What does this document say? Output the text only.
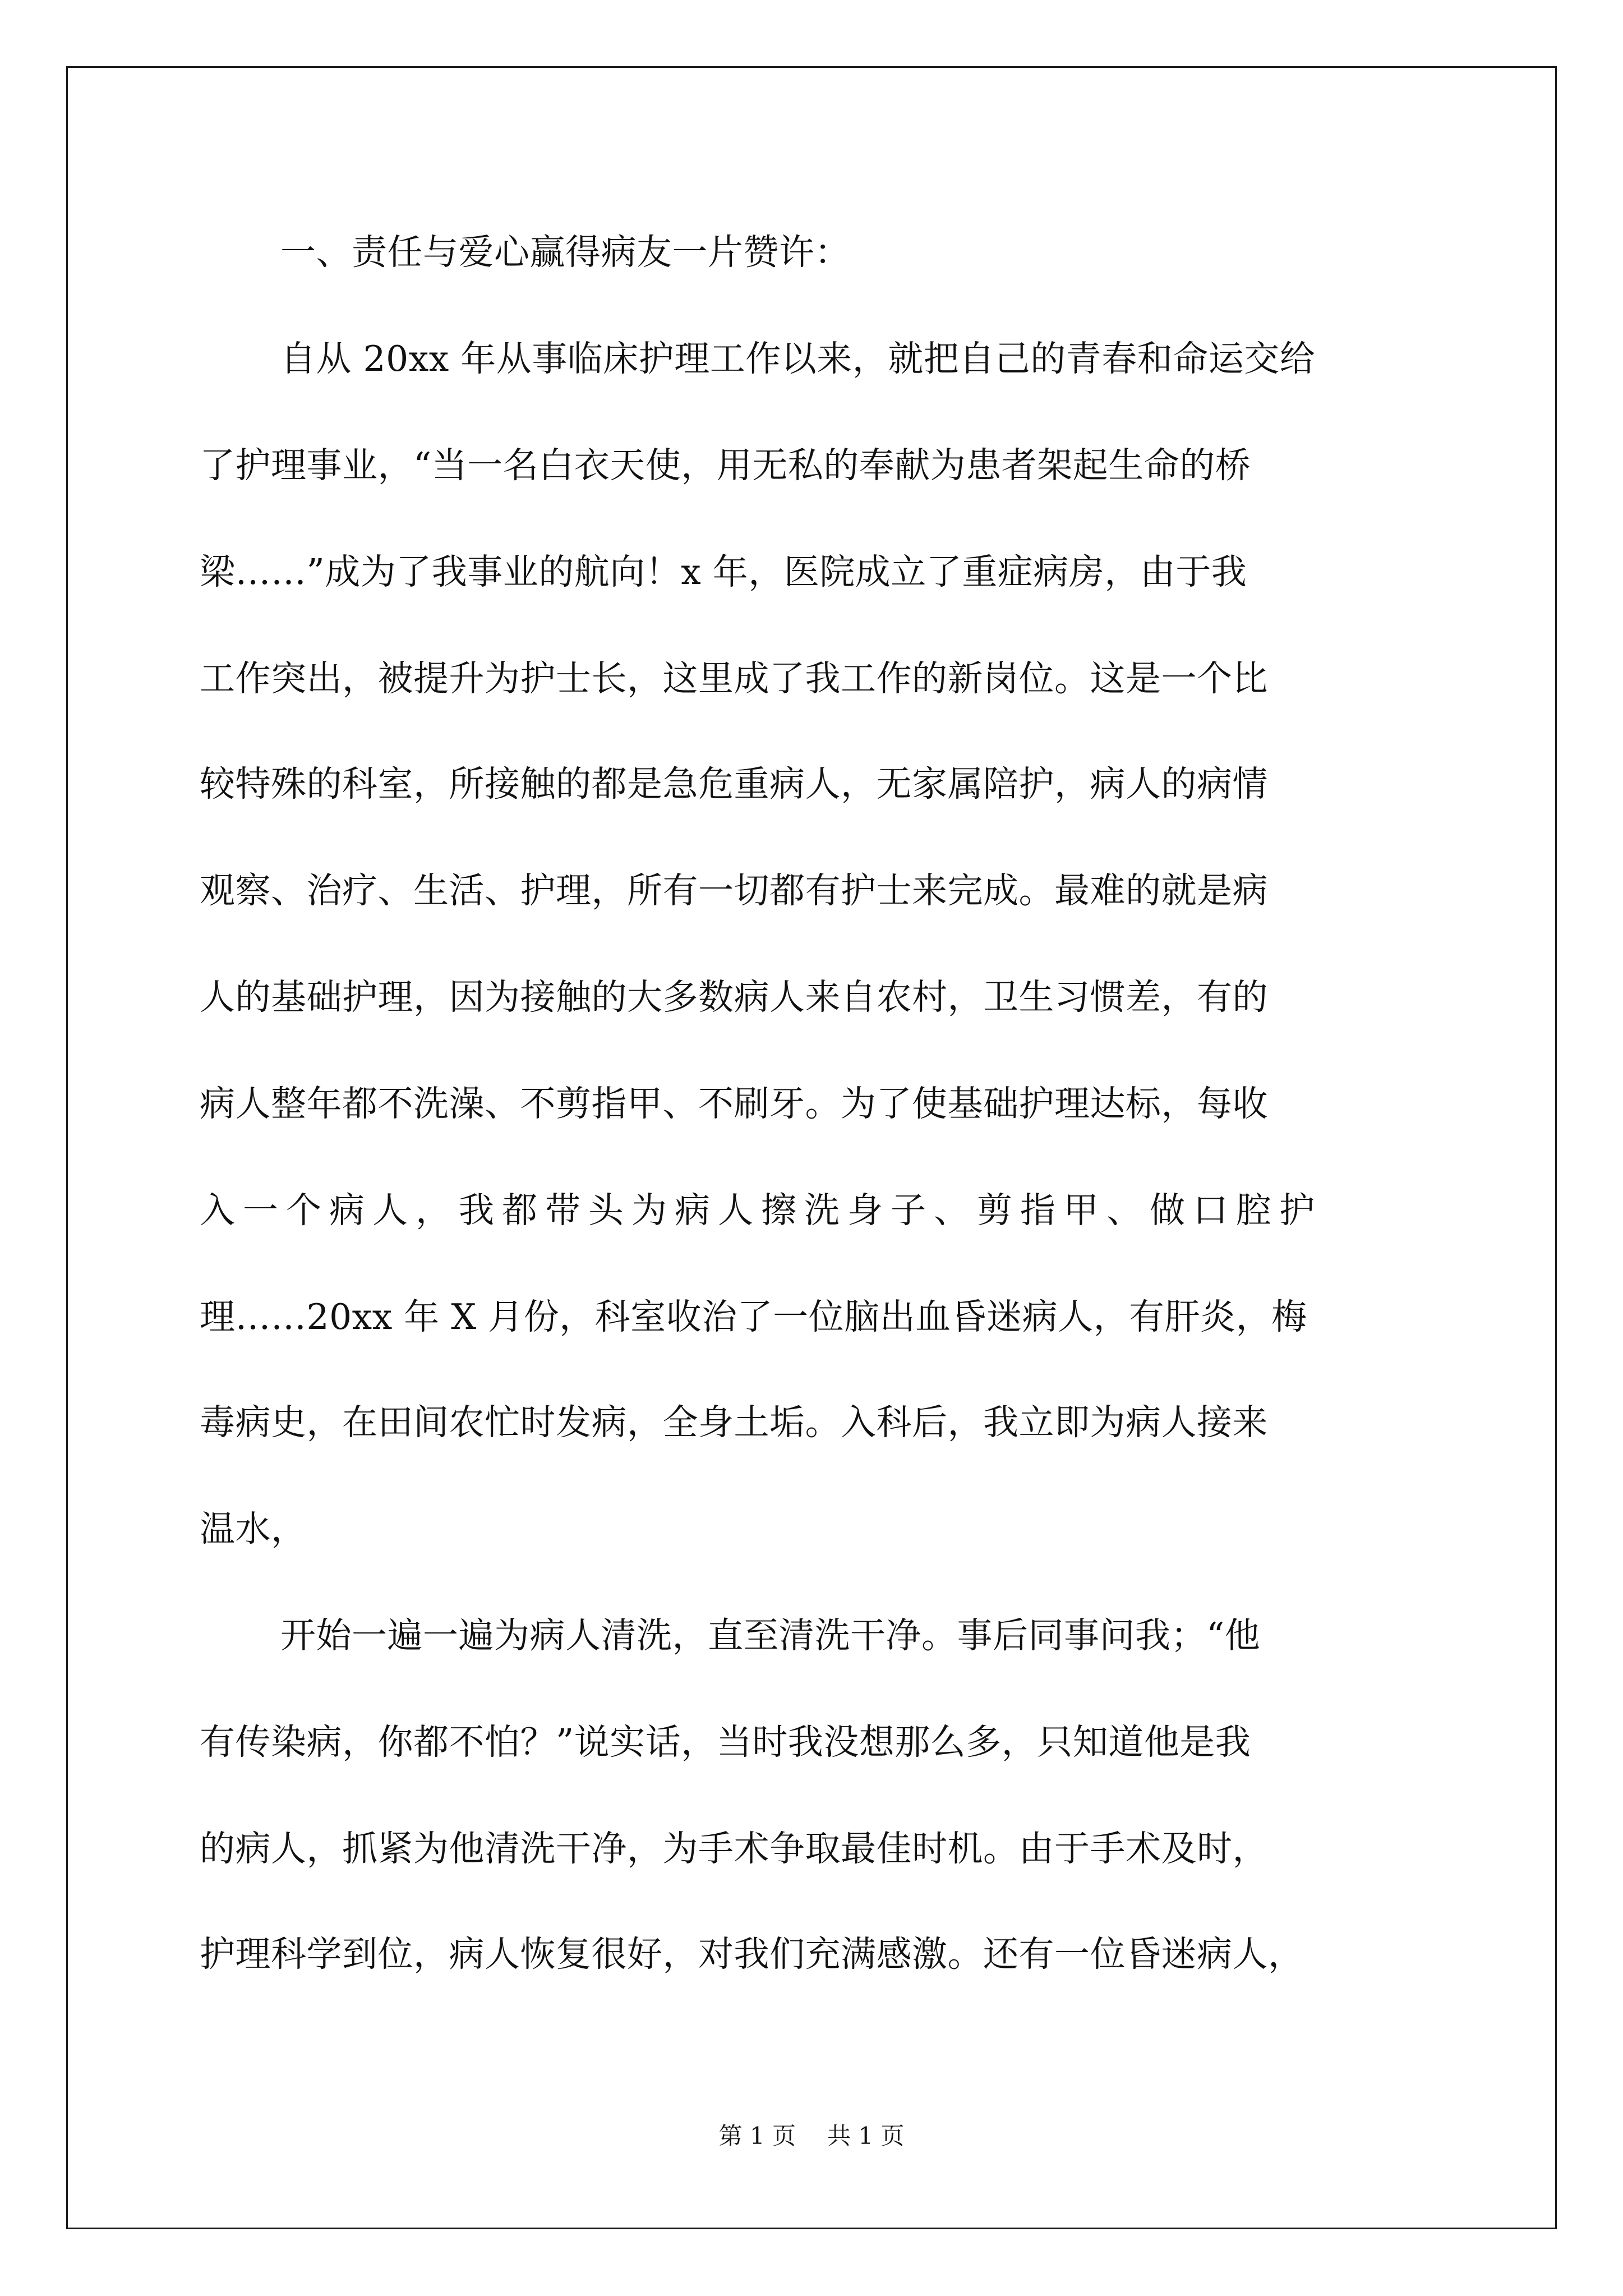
一、责任与爱心赢得病友一片赞许：
自从 20xx 年从事临床护理工作以来，就把自己的青春和命运交给
了护理事业，“当一名白衣天使，用无私的奉献为患者架起生命的桥
梁……”成为了我事业的航向！x 年，医院成立了重症病房，由于我
工作突出，被提升为护士长，这里成了我工作的新岗位。这是一个比
较特殊的科室，所接触的都是急危重病人，无家属陪护，病人的病情
观察、治疗、生活、护理，所有一切都有护士来完成。最难的就是病
人的基础护理，因为接触的大多数病人来自农村，卫生习惯差，有的
病人整年都不洗澡、不剪指甲、不刷牙。为了使基础护理达标，每收
入一个病人，我都带头为病人擦洗身子、剪指甲、做口腔护
理……20xx 年 X 月份，科室收治了一位脑出血昏迷病人，有肝炎，梅
毒病史，在田间农忙时发病，全身土垢。入科后，我立即为病人接来
温水，
开始一遍一遍为病人清洗，直至清洗干净。事后同事问我；“他
有传染病，你都不怕？”说实话，当时我没想那么多，只知道他是我
的病人，抓紧为他清洗干净，为手术争取最佳时机。由于手术及时，
护理科学到位，病人恢复很好，对我们充满感激。还有一位昏迷病人，
第 1 页 共 1 页
